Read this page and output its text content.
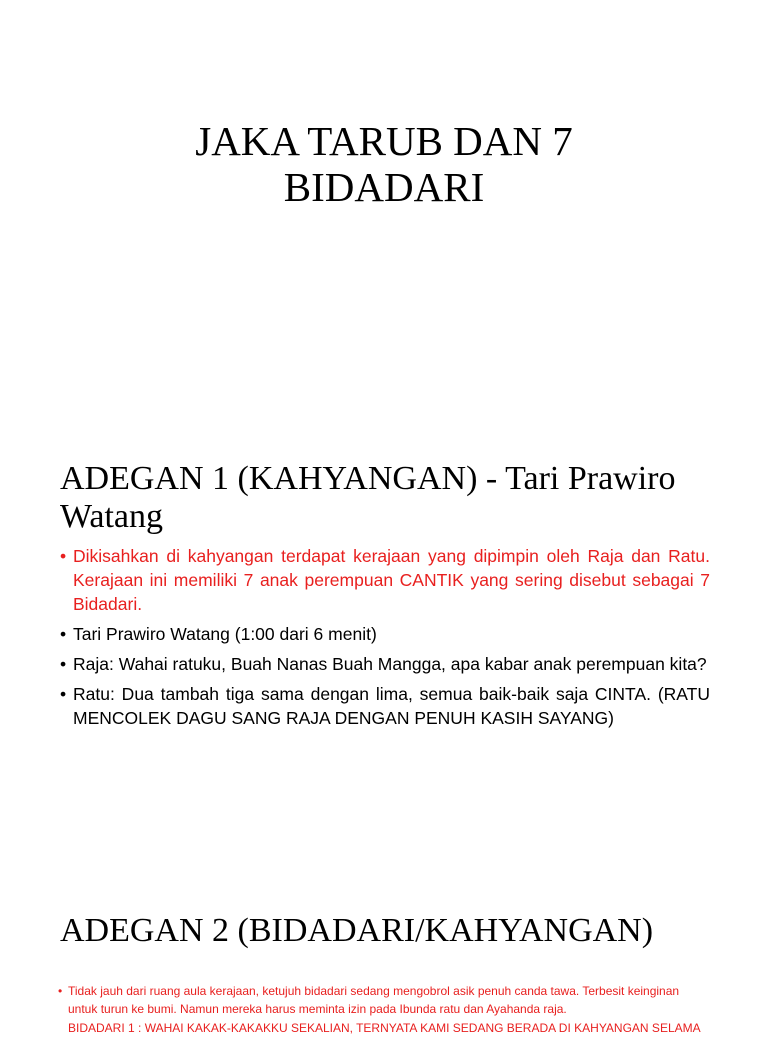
JAKA TARUB DAN 7
BIDADARI
ADEGAN 1 (KAHYANGAN) - Tari Prawiro Watang
• Dikisahkan di kahyangan terdapat kerajaan yang dipimpin oleh Raja dan Ratu. Kerajaan ini memiliki 7 anak perempuan CANTIK yang sering disebut sebagai 7 Bidadari.
• Tari Prawiro Watang (1:00 dari 6 menit)
• Raja: Wahai ratuku, Buah Nanas Buah Mangga, apa kabar anak perempuan kita?
• Ratu: Dua tambah tiga sama dengan lima, semua baik-baik saja CINTA. (RATU MENCOLEK DAGU SANG RAJA DENGAN PENUH KASIH SAYANG)
ADEGAN 2 (BIDADARI/KAHYANGAN)
• Tidak jauh dari ruang aula kerajaan, ketujuh bidadari sedang mengobrol asik penuh canda tawa. Terbesit keinginan untuk turun ke bumi. Namun mereka harus meminta izin pada Ibunda ratu dan Ayahanda raja.
BIDADARI 1 : WAHAI KAKAK-KAKAKKU SEKALIAN, TERNYATA KAMI SEDANG BERADA DI KAHYANGAN SELAMA
